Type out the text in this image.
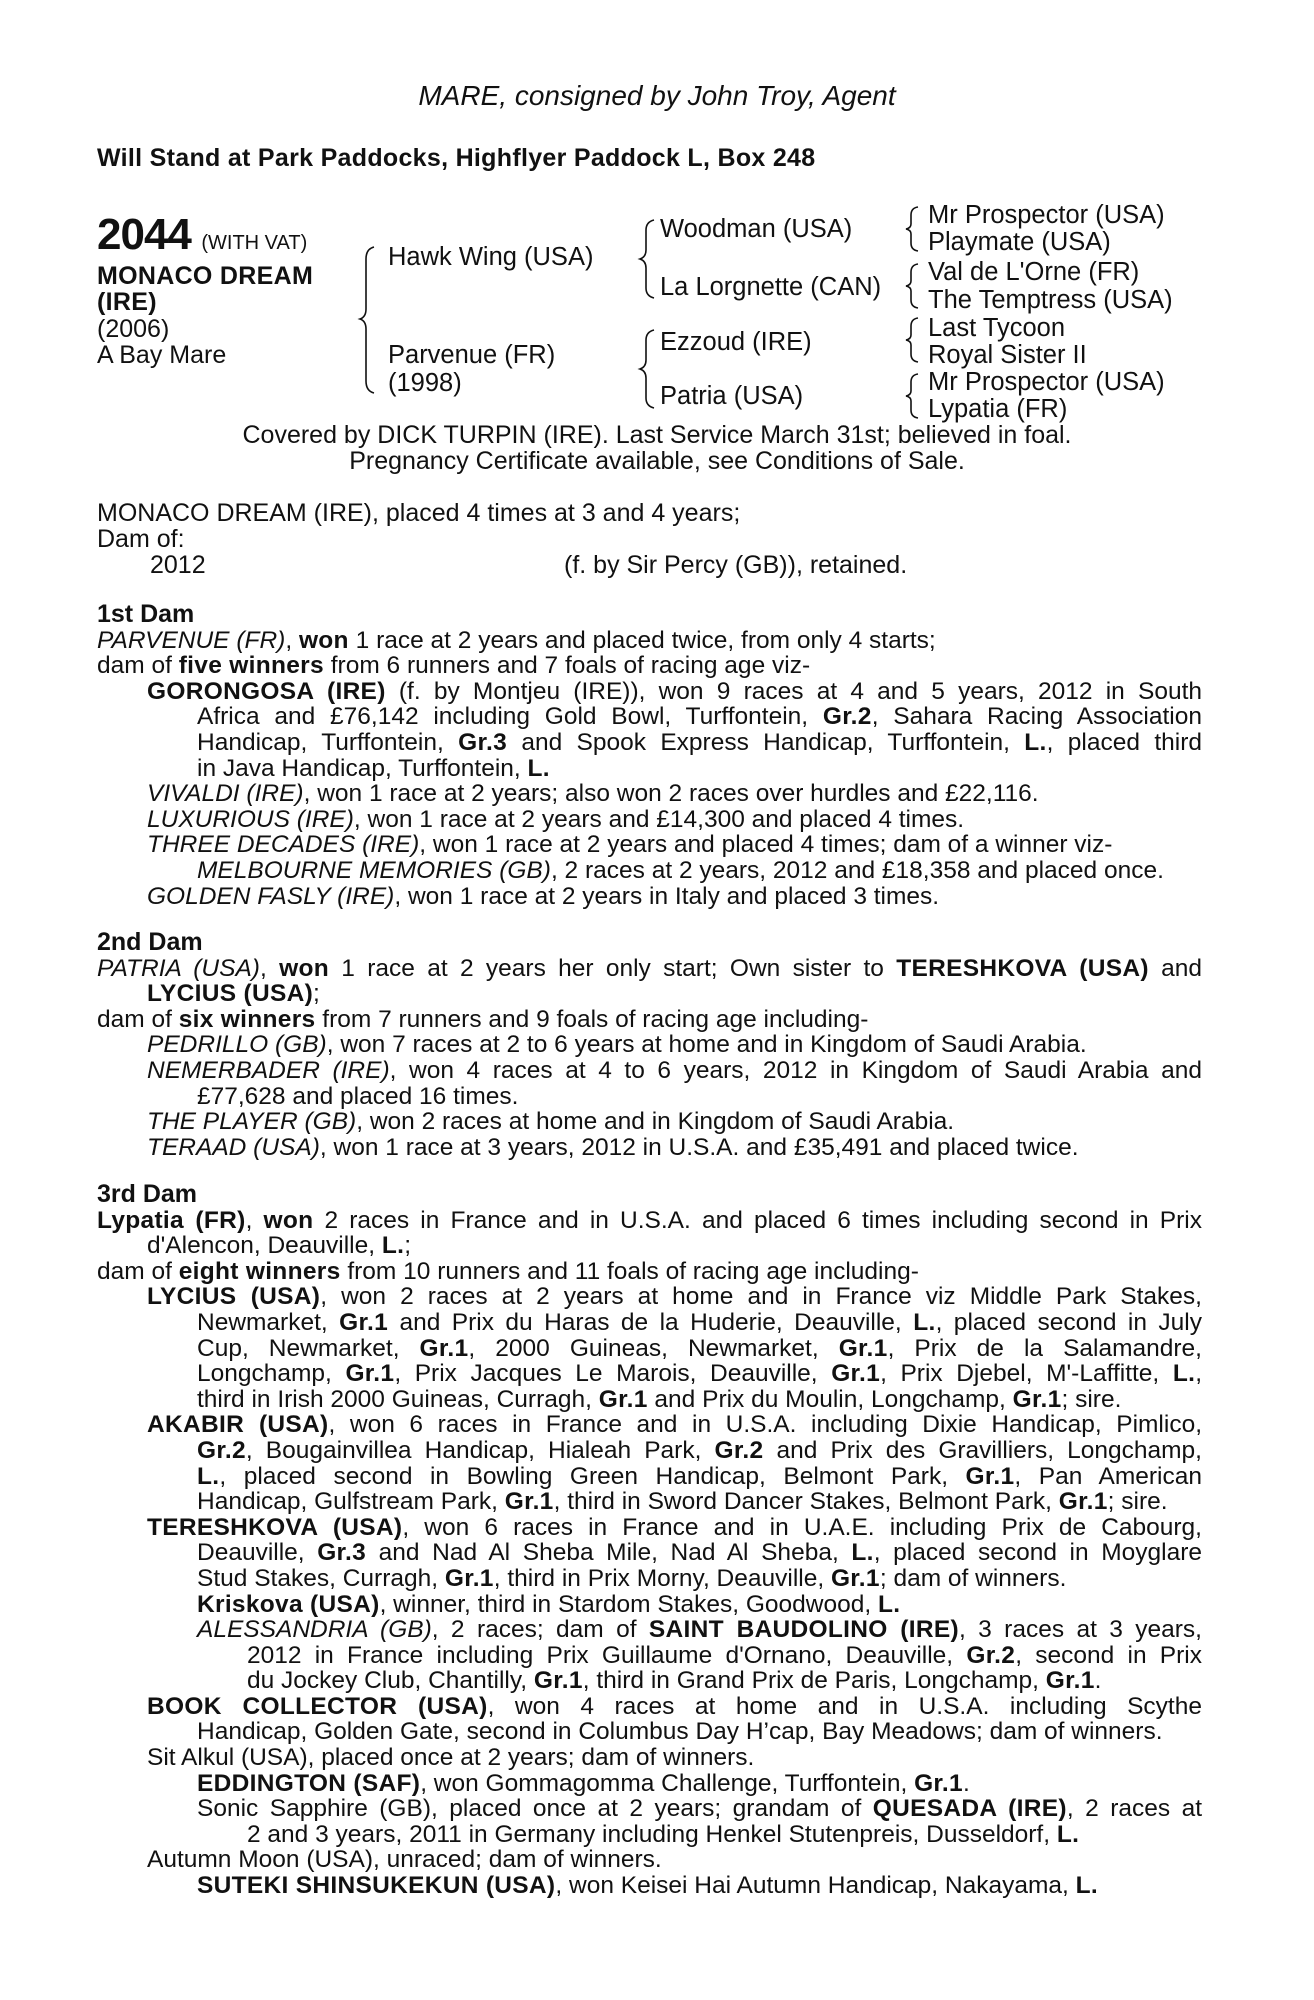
MARE, consigned by John Troy, Agent
Will Stand at Park Paddocks, Highflyer Paddock L, Box 248
2044 (WITH VAT)
MONACO DREAM
(IRE)
(2006)
A Bay Mare
Hawk Wing (USA)
Parvenue (FR)
(1998)
Woodman (USA)
La Lorgnette (CAN)
Ezzoud (IRE)
Patria (USA)
Mr Prospector (USA)
Playmate (USA)
Val de L'Orne (FR)
The Temptress (USA)
Last Tycoon
Royal Sister II
Mr Prospector (USA)
Lypatia (FR)
Covered by DICK TURPIN (IRE). Last Service March 31st; believed in foal.
Pregnancy Certificate available, see Conditions of Sale.
MONACO DREAM (IRE), placed 4 times at 3 and 4 years;
Dam of:
2012	(f. by Sir Percy (GB)), retained.
1st Dam
PARVENUE (FR), won 1 race at 2 years and placed twice, from only 4 starts;
dam of five winners from 6 runners and 7 foals of racing age viz-
GORONGOSA (IRE) (f. by Montjeu (IRE)), won 9 races at 4 and 5 years, 2012 in South
Africa and £76,142 including Gold Bowl, Turffontein, Gr.2, Sahara Racing Association
Handicap, Turffontein, Gr.3 and Spook Express Handicap, Turffontein, L., placed third
in Java Handicap, Turffontein, L.
VIVALDI (IRE), won 1 race at 2 years; also won 2 races over hurdles and £22,116.
LUXURIOUS (IRE), won 1 race at 2 years and £14,300 and placed 4 times.
THREE DECADES (IRE), won 1 race at 2 years and placed 4 times; dam of a winner viz-
MELBOURNE MEMORIES (GB), 2 races at 2 years, 2012 and £18,358 and placed once.
GOLDEN FASLY (IRE), won 1 race at 2 years in Italy and placed 3 times.
2nd Dam
PATRIA (USA), won 1 race at 2 years her only start; Own sister to TERESHKOVA (USA) and
LYCIUS (USA);
dam of six winners from 7 runners and 9 foals of racing age including-
PEDRILLO (GB), won 7 races at 2 to 6 years at home and in Kingdom of Saudi Arabia.
NEMERBADER (IRE), won 4 races at 4 to 6 years, 2012 in Kingdom of Saudi Arabia and
£77,628 and placed 16 times.
THE PLAYER (GB), won 2 races at home and in Kingdom of Saudi Arabia.
TERAAD (USA), won 1 race at 3 years, 2012 in U.S.A. and £35,491 and placed twice.
3rd Dam
Lypatia (FR), won 2 races in France and in U.S.A. and placed 6 times including second in Prix
d'Alencon, Deauville, L.;
dam of eight winners from 10 runners and 11 foals of racing age including-
LYCIUS (USA), won 2 races at 2 years at home and in France viz Middle Park Stakes,
Newmarket, Gr.1 and Prix du Haras de la Huderie, Deauville, L., placed second in July
Cup, Newmarket, Gr.1, 2000 Guineas, Newmarket, Gr.1, Prix de la Salamandre,
Longchamp, Gr.1, Prix Jacques Le Marois, Deauville, Gr.1, Prix Djebel, M'-Laffitte, L.,
third in Irish 2000 Guineas, Curragh, Gr.1 and Prix du Moulin, Longchamp, Gr.1; sire.
AKABIR (USA), won 6 races in France and in U.S.A. including Dixie Handicap, Pimlico,
Gr.2, Bougainvillea Handicap, Hialeah Park, Gr.2 and Prix des Gravilliers, Longchamp,
L., placed second in Bowling Green Handicap, Belmont Park, Gr.1, Pan American
Handicap, Gulfstream Park, Gr.1, third in Sword Dancer Stakes, Belmont Park, Gr.1; sire.
TERESHKOVA (USA), won 6 races in France and in U.A.E. including Prix de Cabourg,
Deauville, Gr.3 and Nad Al Sheba Mile, Nad Al Sheba, L., placed second in Moyglare
Stud Stakes, Curragh, Gr.1, third in Prix Morny, Deauville, Gr.1; dam of winners.
Kriskova (USA), winner, third in Stardom Stakes, Goodwood, L.
ALESSANDRIA (GB), 2 races; dam of SAINT BAUDOLINO (IRE), 3 races at 3 years,
2012 in France including Prix Guillaume d'Ornano, Deauville, Gr.2, second in Prix
du Jockey Club, Chantilly, Gr.1, third in Grand Prix de Paris, Longchamp, Gr.1.
BOOK COLLECTOR (USA), won 4 races at home and in U.S.A. including Scythe
Handicap, Golden Gate, second in Columbus Day H’cap, Bay Meadows; dam of winners.
Sit Alkul (USA), placed once at 2 years; dam of winners.
EDDINGTON (SAF), won Gommagomma Challenge, Turffontein, Gr.1.
Sonic Sapphire (GB), placed once at 2 years; grandam of QUESADA (IRE), 2 races at
2 and 3 years, 2011 in Germany including Henkel Stutenpreis, Dusseldorf, L.
Autumn Moon (USA), unraced; dam of winners.
SUTEKI SHINSUKEKUN (USA), won Keisei Hai Autumn Handicap, Nakayama, L.
